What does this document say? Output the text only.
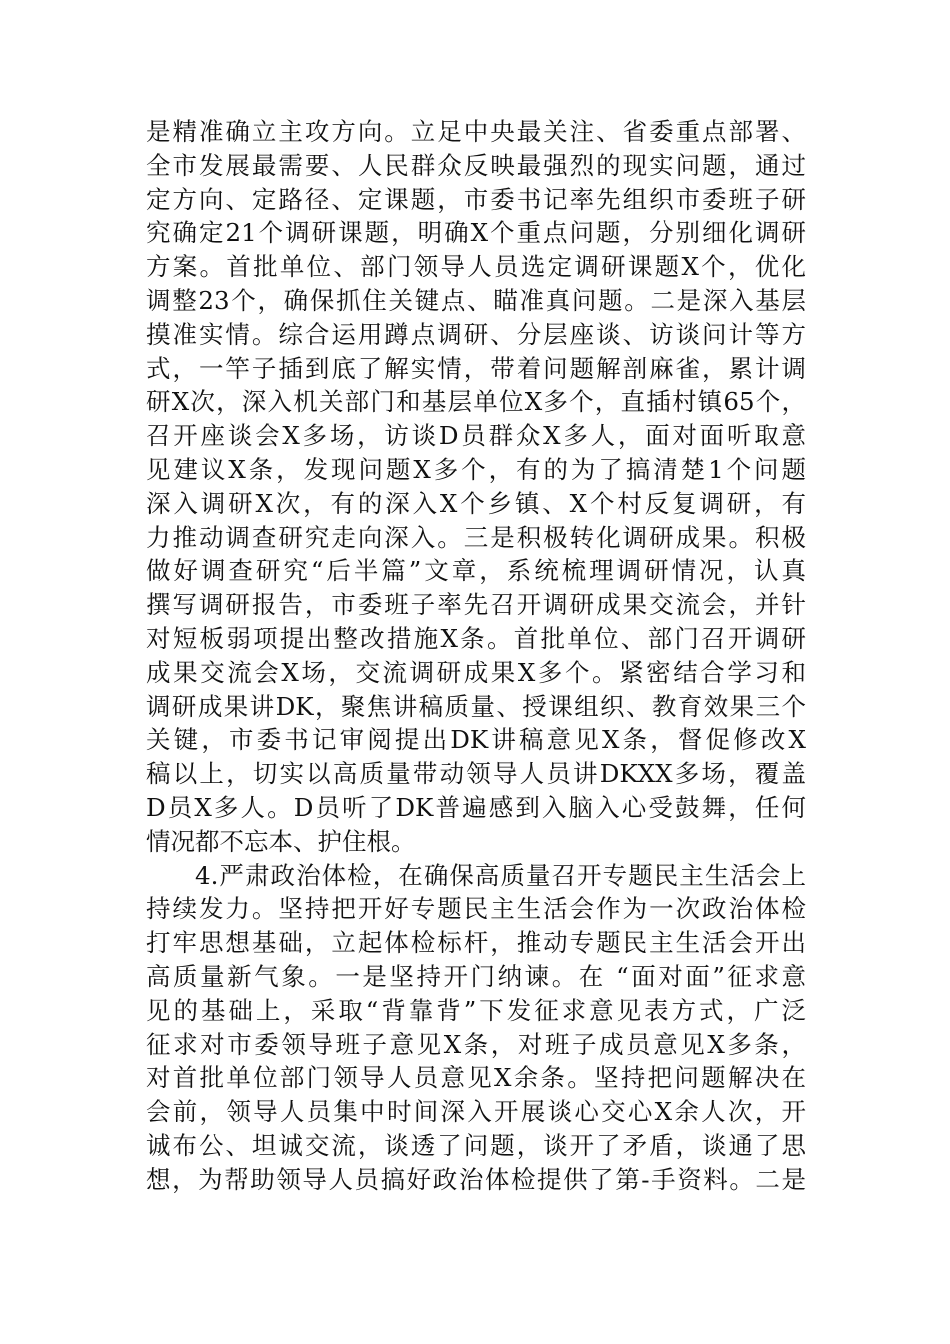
是精准确立主攻方向。立足中央最关注、省委重点部署、
全市发展最需要、人民群众反映最强烈的现实问题，通过
定方向、定路径、定课题，市委书记率先组织市委班子研
究确定21个调研课题，明确X个重点问题，分别细化调研
方案。首批单位、部门领导人员选定调研课题X个，优化
调整23个，确保抓住关键点、瞄准真问题。二是深入基层
摸准实情。综合运用蹲点调研、分层座谈、访谈问计等方
式，一竿子插到底了解实情，带着问题解剖麻雀，累计调
研X次，深入机关部门和基层单位X多个，直插村镇65个，
召开座谈会X多场，访谈D员群众X多人，面对面听取意
见建议X条，发现问题X多个，有的为了搞清楚1个问题
深入调研X次，有的深入X个乡镇、X个村反复调研，有
力推动调查研究走向深入。三是积极转化调研成果。积极
做好调查研究“后半篇”文章，系统梳理调研情况，认真
撰写调研报告，市委班子率先召开调研成果交流会，并针
对短板弱项提出整改措施X条。首批单位、部门召开调研
成果交流会X场，交流调研成果X多个。紧密结合学习和
调研成果讲DK，聚焦讲稿质量、授课组织、教育效果三个
关键，市委书记审阅提出DK讲稿意见X条，督促修改X
稿以上，切实以高质量带动领导人员讲DKXX多场，覆盖
D员X多人。D员听了DK普遍感到入脑入心受鼓舞，任何
情况都不忘本、护住根。
4.严肃政治体检，在确保高质量召开专题民主生活会上
持续发力。坚持把开好专题民主生活会作为一次政治体检
打牢思想基础，立起体检标杆，推动专题民主生活会开出
高质量新气象。一是坚持开门纳谏。在 “面对面”征求意
见的基础上，采取“背靠背”下发征求意见表方式，广泛
征求对市委领导班子意见X条，对班子成员意见X多条，
对首批单位部门领导人员意见X余条。坚持把问题解决在
会前，领导人员集中时间深入开展谈心交心X余人次，开
诚布公、坦诚交流，谈透了问题，谈开了矛盾，谈通了思
想，为帮助领导人员搞好政治体检提供了第-手资料。二是
